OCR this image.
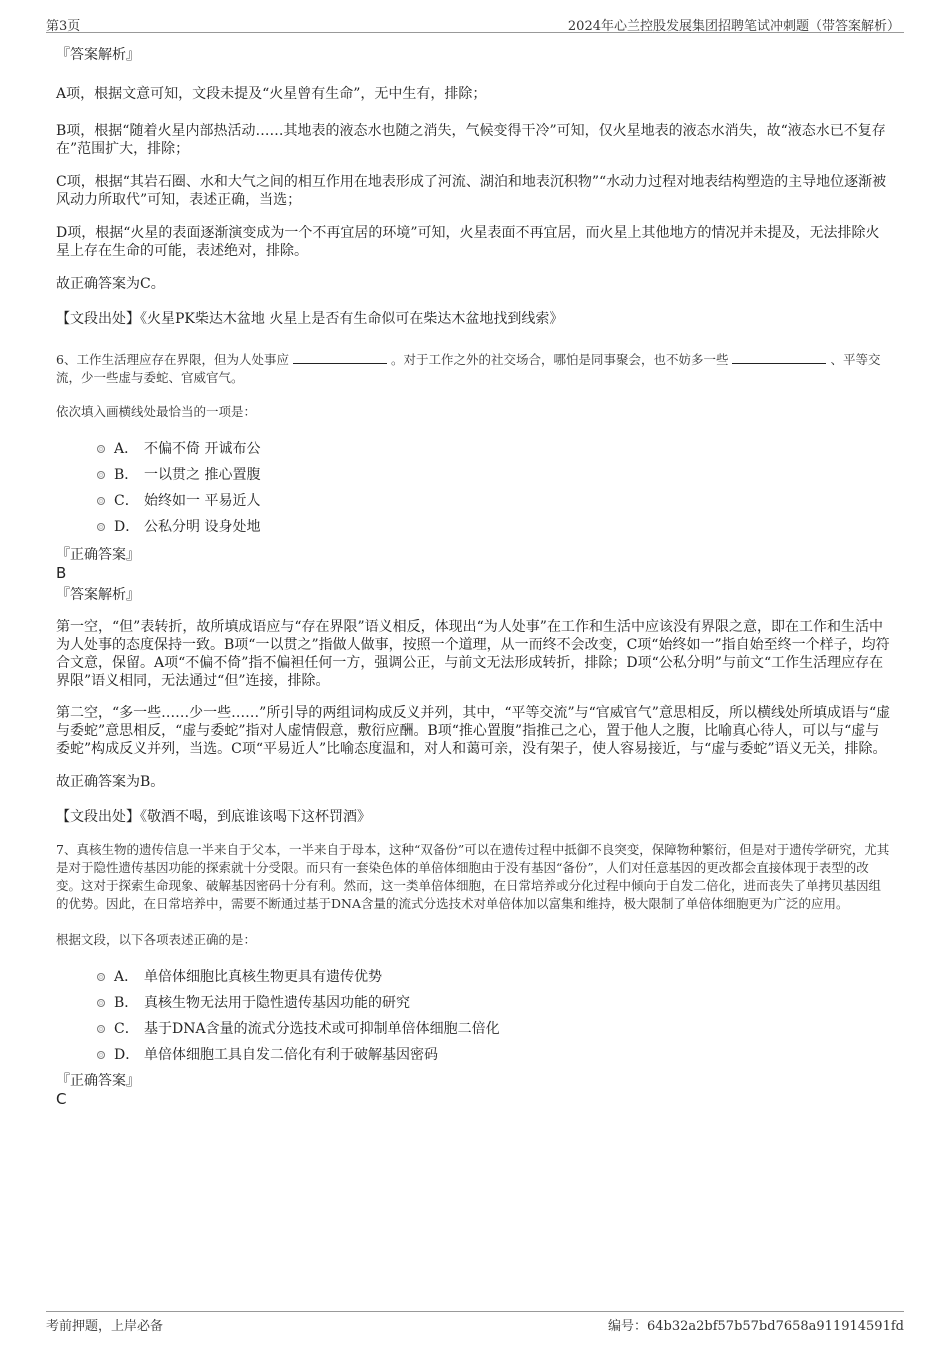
第3页	2024年心兰控股发展集团招聘笔试冲刺题（带答案解析）

『答案解析』

A项，根据文意可知，文段未提及“火星曾有生命”，无中生有，排除；

B项，根据“随着火星内部热活动……其地表的液态水也随之消失，气候变得干冷”可知，仅火星地表的液态水消失，故“液态水已不复存在”范围扩大，排除；

C项，根据“其岩石圈、水和大气之间的相互作用在地表形成了河流、湖泊和地表沉积物”“水动力过程对地表结构塑造的主导地位逐渐被风动力所取代”可知，表述正确，当选；

D项，根据“火星的表面逐渐演变成为一个不再宜居的环境”可知，火星表面不再宜居，而火星上其他地方的情况并未提及，无法排除火星上存在生命的可能，表述绝对，排除。

故正确答案为C。

【文段出处】《火星PK柴达木盆地 火星上是否有生命似可在柴达木盆地找到线索》

6、工作生活理应存在界限，但为人处事应	。对于工作之外的社交场合，哪怕是同事聚会，也不妨多一些	、平等交流，少一些虚与委蛇、官威官气。

依次填入画横线处最恰当的一项是：

A． 不偏不倚 开诚布公

B． 一以贯之 推心置腹

C． 始终如一 平易近人

D． 公私分明 设身处地

『正确答案』

B

『答案解析』

第一空，“但”表转折，故所填成语应与“存在界限”语义相反，体现出“为人处事”在工作和生活中应该没有界限之意，即在工作和生活中为人处事的态度保持一致。B项“一以贯之”指做人做事，按照一个道理，从一而终不会改变，C项“始终如一”指自始至终一个样子，均符合文意，保留。A项“不偏不倚”指不偏袒任何一方，强调公正，与前文无法形成转折，排除；D项“公私分明”与前文“工作生活理应存在界限”语义相同，无法通过“但”连接，排除。

第二空，“多一些……少一些……”所引导的两组词构成反义并列，其中，“平等交流”与“官威官气”意思相反，所以横线处所填成语与“虚与委蛇”意思相反，“虚与委蛇”指对人虚情假意，敷衍应酬。B项“推心置腹”指推己之心，置于他人之腹，比喻真心待人，可以与“虚与委蛇”构成反义并列，当选。C项“平易近人”比喻态度温和，对人和蔼可亲，没有架子，使人容易接近，与“虚与委蛇”语义无关，排除。

故正确答案为B。

【文段出处】《敬酒不喝，到底谁该喝下这杯罚酒》

7、真核生物的遗传信息一半来自于父本，一半来自于母本，这种“双备份”可以在遗传过程中抵御不良突变，保障物种繁衍，但是对于遗传学研究，尤其是对于隐性遗传基因功能的探索就十分受限。而只有一套染色体的单倍体细胞由于没有基因“备份”，人们对任意基因的更改都会直接体现于表型的改变。这对于探索生命现象、破解基因密码十分有利。然而，这一类单倍体细胞，在日常培养或分化过程中倾向于自发二倍化，进而丧失了单拷贝基因组的优势。因此，在日常培养中，需要不断通过基于DNA含量的流式分选技术对单倍体加以富集和维持，极大限制了单倍体细胞更为广泛的应用。

根据文段，以下各项表述正确的是：

A． 单倍体细胞比真核生物更具有遗传优势

B． 真核生物无法用于隐性遗传基因功能的研究

C． 基于DNA含量的流式分选技术或可抑制单倍体细胞二倍化

D． 单倍体细胞工具自发二倍化有利于破解基因密码

『正确答案』

C

考前押题，上岸必备	编号：64b32a2bf57b57bd7658a911914591fd
